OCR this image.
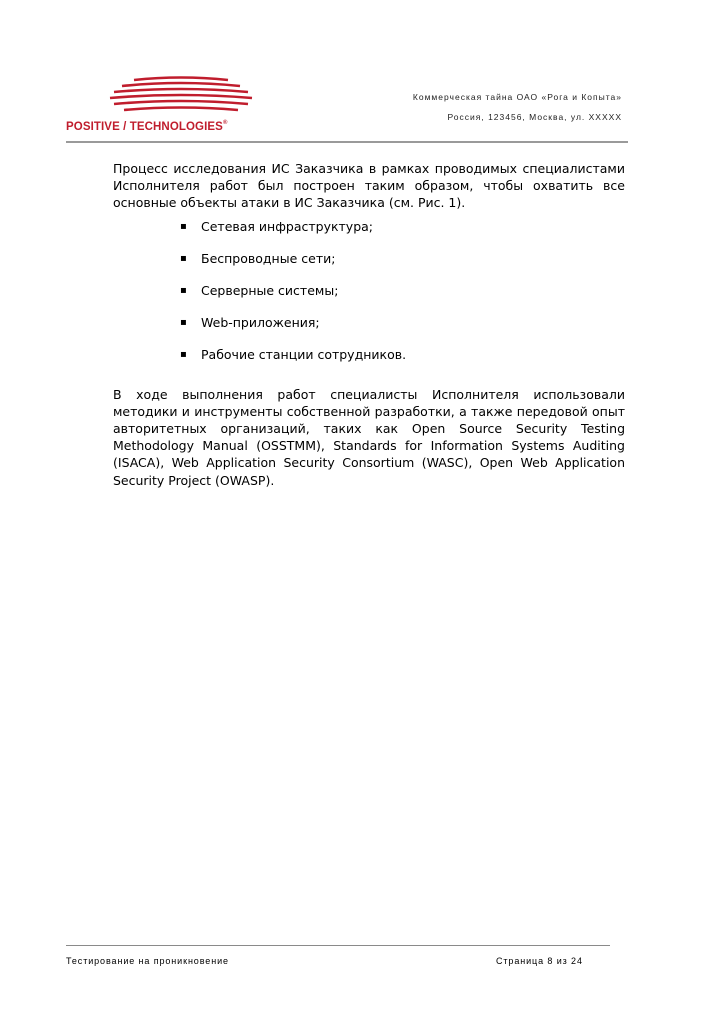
POSITIVE / TECHNOLOGIES®
Коммерческая тайна ОАО «Рога и Копыта»
Россия, 123456, Москва, ул. XXXXX

Процесс исследования ИС Заказчика в рамках проводимых специалистами Исполнителя работ был построен таким образом, чтобы охватить все основные объекты атаки в ИС Заказчика (см. Рис. 1).

▪ Сетевая инфраструктура;
▪ Беспроводные сети;
▪ Серверные системы;
▪ Web-приложения;
▪ Рабочие станции сотрудников.

В ходе выполнения работ специалисты Исполнителя использовали методики и инструменты собственной разработки, а также передовой опыт авторитетных организаций, таких как Open Source Security Testing Methodology Manual (OSSTMM), Standards for Information Systems Auditing (ISACA), Web Application Security Consortium (WASC), Open Web Application Security Project (OWASP).

Тестирование на проникновение	Страница 8 из 24
